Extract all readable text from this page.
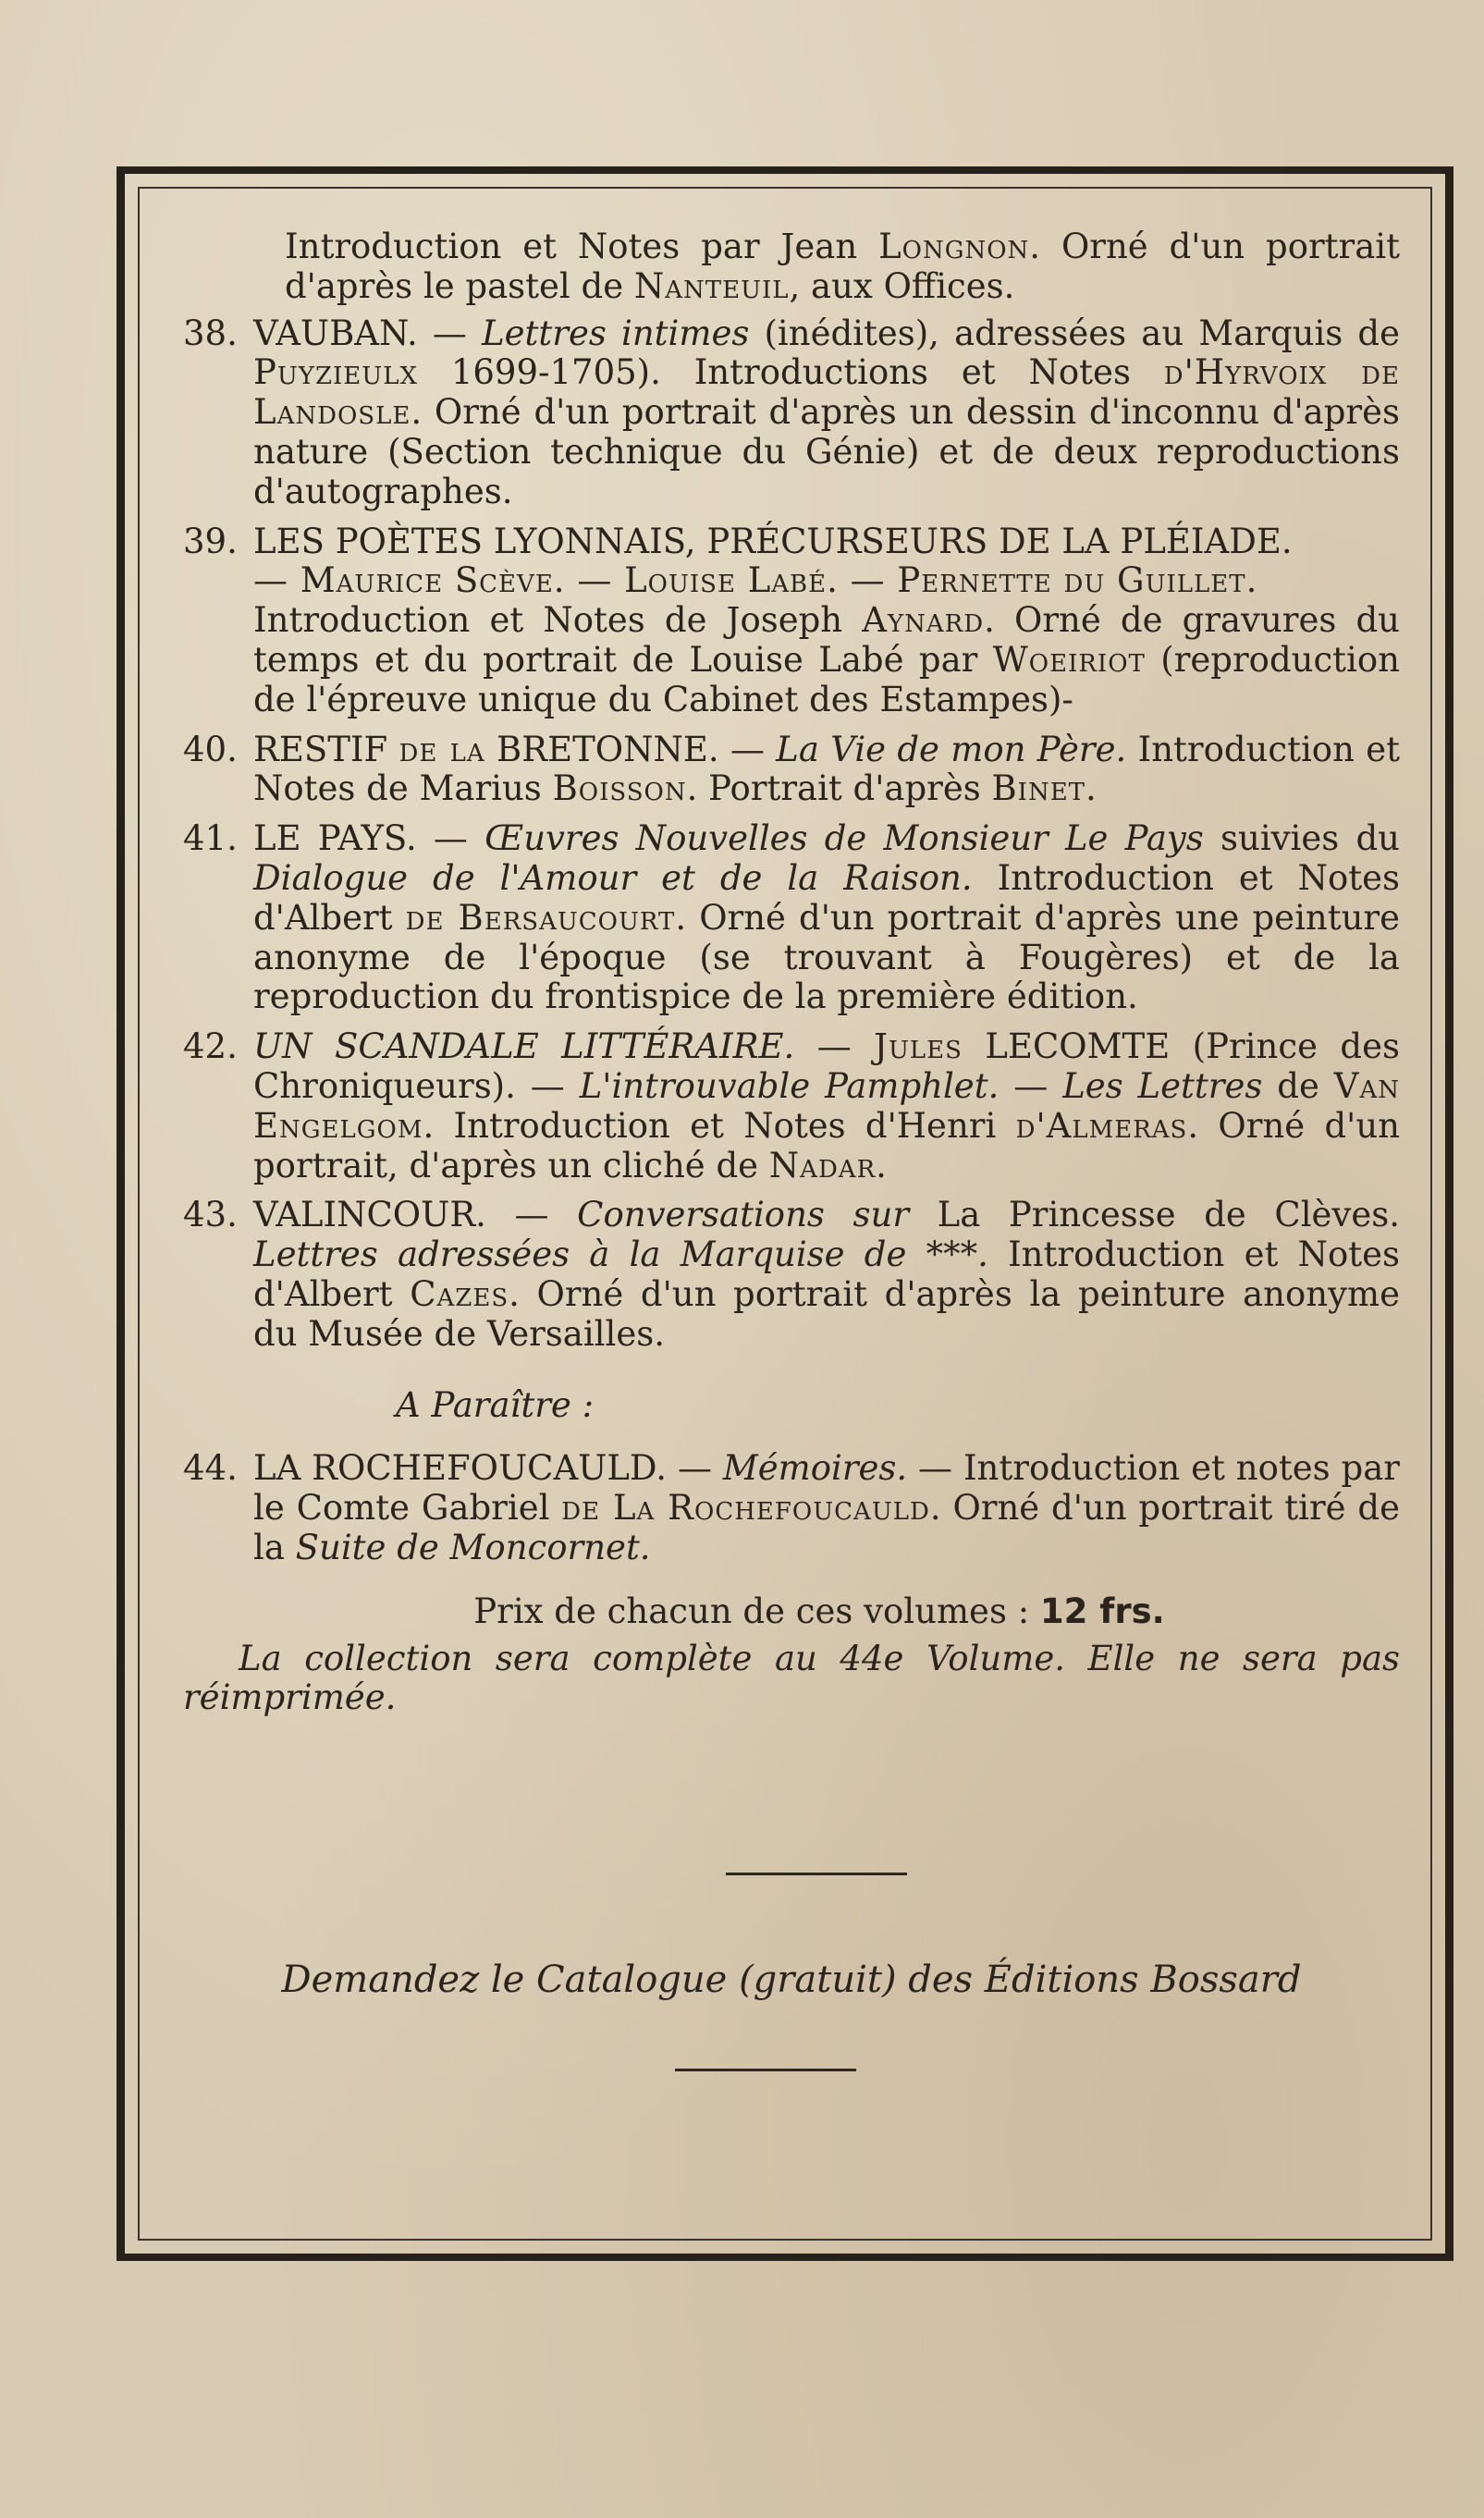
Introduction et Notes par Jean Longnon. Orné d'un portrait d'après le pastel de Nanteuil, aux Offices.
38. VAUBAN. — Lettres intimes (inédites), adressées au Marquis de Puyzieulx 1699-1705). Introductions et Notes d'Hyrvoix de Landosle. Orné d'un portrait d'après un dessin d'inconnu d'après nature (Section technique du Génie) et de deux reproductions d'autographes.
39. LES POÈTES LYONNAIS, PRÉCURSEURS DE LA PLÉIADE.
— Maurice Scève. — Louise Labé. — Pernette du Guillet.
Introduction et Notes de Joseph Aynard. Orné de gravures du temps et du portrait de Louise Labé par Woeiriot (reproduction de l'épreuve unique du Cabinet des Estampes)-
40. RESTIF de la BRETONNE. — La Vie de mon Père. Introduction et Notes de Marius Boisson. Portrait d'après Binet.
41. LE PAYS. — Œuvres Nouvelles de Monsieur Le Pays suivies du Dialogue de l'Amour et de la Raison. Introduction et Notes d'Albert de Bersaucourt. Orné d'un portrait d'après une peinture anonyme de l'époque (se trouvant à Fougères) et de la reproduction du frontispice de la première édition.
42. UN SCANDALE LITTÉRAIRE. — Jules LECOMTE (Prince des Chroniqueurs). — L'introuvable Pamphlet. — Les Lettres de Van Engelgom. Introduction et Notes d'Henri d'Almeras. Orné d'un portrait, d'après un cliché de Nadar.
43. VALINCOUR. — Conversations sur La Princesse de Clèves. Lettres adressées à la Marquise de ***. Introduction et Notes d'Albert Cazes. Orné d'un portrait d'après la peinture anonyme du Musée de Versailles.
A Paraître :
44. LA ROCHEFOUCAULD. — Mémoires. — Introduction et notes par le Comte Gabriel de La Rochefoucauld. Orné d'un portrait tiré de la Suite de Moncornet.
Prix de chacun de ces volumes : 12 frs.
La collection sera complète au 44e Volume. Elle ne sera pas réimprimée.
Demandez le Catalogue (gratuit) des Éditions Bossard
